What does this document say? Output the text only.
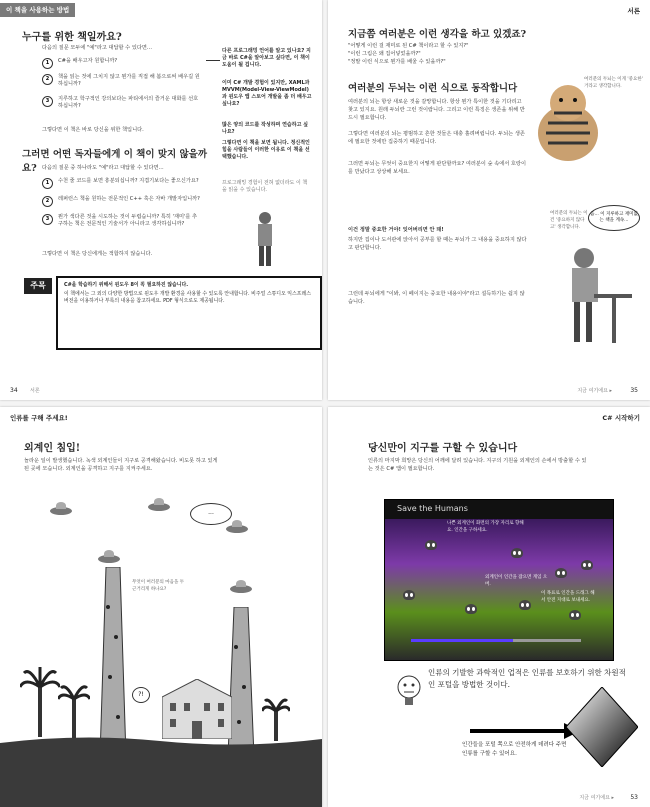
이 책을 사용하는 방법
누구를 위한 책일까요?
다음의 질문 모두에 "예"라고 대답할 수 있다면…
1	C#을 배우고자 원합니까?
2	책을 읽는 것에 그치지 않고 뭔가를 직접 해 봄으로써 배우길 원하십니까?
3	지루하고 학구적인 강의보다는 파티에서의 즐거운 대화를 선호하십니까?
그렇다면 이 책은 바로 당신을 위한 책입니다.
그러면 어떤 독자들에게 이 책이 맞지 않을까요?	다음의 질문 중 하나라도 "예"라고 대답할 수 있다면…
1	수천 줄 코드를 보면 흥분되십니까? 지겹기보다는 좋으신가요?
2	레퍼런스 책을 원하는 전문적인 C++ 혹은 자바 개발자입니까?
3	뭔가 색다른 것을 시도하는 것이 두렵습니까? 특히 '재미'를 추구하는 책은 전문적인 기술서가 아니라고 생각하십니까?
그렇다면 이 책은 당신에게는 적합하지 않습니다.
다른 프로그래밍 언어를 알고 있나요? 지금 바로 C#을 알아보고 싶다면, 이 책이 도움이 될 겁니다.
이미 C# 개발 경험이 있지만, XAML과 MVVM(Model-View-ViewModel)과 윈도우 앱 스토어 개발을 좀 더 배우고 싶나요?
많은 양의 코드를 작성하며 연습하고 싶나요?
그렇다면 이 책을 보면 됩니다. 정신적인 힘을 사람들이 이러한 이유로 이 책을 선택했습니다.
프로그래밍 경험이 전혀 없더라도 이 책을 읽을 수 있습니다.
주목	C#을 학습하기 위해서 윈도우 8이 꼭 필요하진 않습니다.
이 책에서는 그 외의 다양한 방법으로 윈도우 개발 환경을 사용할 수 있도록 안내합니다. 비주얼 스튜디오 익스프레스 버전을 이용하거나 부록의 내용을 참고하세요. PDF 형식으로도 제공됩니다.
34 서론
서론
지금쯤 여러분은 이런 생각을 하고 있겠죠?
"어떻게 이런 걸 재미로 된 C# 책이라고 할 수 있지?"
"이런 그림은 왜 집어넣었을까?"
"정말 이런 식으로 뭔가를 배울 수 있을까?"
여러분의 두뇌는 이런 식으로 동작합니다
여러분의 뇌는 항상 새로운 것을 갈망합니다. 항상 뭔가 특이한 것을 기다리고 찾고 있지요. 원래 두뇌란 그런 것이랍니다. 그리고 이런 특징은 생존을 위해 반드시 필요합니다.
그렇다면 여러분의 뇌는 평범하고 흔한 것들은 대충 흘려버립니다. 두뇌는 생존에 필요한 것에만 집중하기 때문입니다.
그러면 두뇌는 무엇이 중요한지 어떻게 판단할까요? 여러분이 숲 속에서 호랑이를 만났다고 상상해 보세요.
이건 정말 중요한 거야! 잊어버리면 안 돼!
하지만 집이나 도서관에 앉아서 공부를 할 때는 두뇌가 그 내용을 중요하지 않다고 판단합니다.
그런데 두뇌에게 "이봐, 이 페이지는 중요한 내용이야"라고 설득하기는 쉽지 않습니다.
여러분의 두뇌는 이게 '중요한' 거라고 생각합니다.
음... 이 지루하고 재미없는 책을 계속...
여러분의 두뇌는 이건 '중요하지 않다고' 생각합니다.
지금 여기에요 ▸	35
인류를 구해 주세요!
외계인 침입!
놀라운 일이 발생했습니다. 녹색 외계인들이 지구로 공격해왔습니다. 비도못 하고 있게 된 곳에 모습니다. 외계인을 공격하고 지구를 지켜주세요.
...
무엇이 여러분의 마음을 두근거리게 하나요?
?!
C# 시작하기
당신만이 지구를 구할 수 있습니다
인류의 마지막 희망은 당신의 어깨에 달려 있습니다. 지구의 기원을 외계인의 손에서 방출할 수 있는 것은 C# 앱이 필요합니다.
Save the Humans
나쁜 외계인이 화면의 가장 자리로 향해요. 인간을 구하세요.
외계인이 인간을 잡으면 게임 오버.
이 목표로 인간을 드래그 해서 안전 지대로 보내세요.
인류의 기발한 과학적인 업적은 인류를 보호하기 위한 차원적인 포털을 방법한 것이다.
인간들을 포털 쪽으로 안전하게 데려다 주면 인류를 구할 수 있어요.
지금 여기에요 ▸	53
